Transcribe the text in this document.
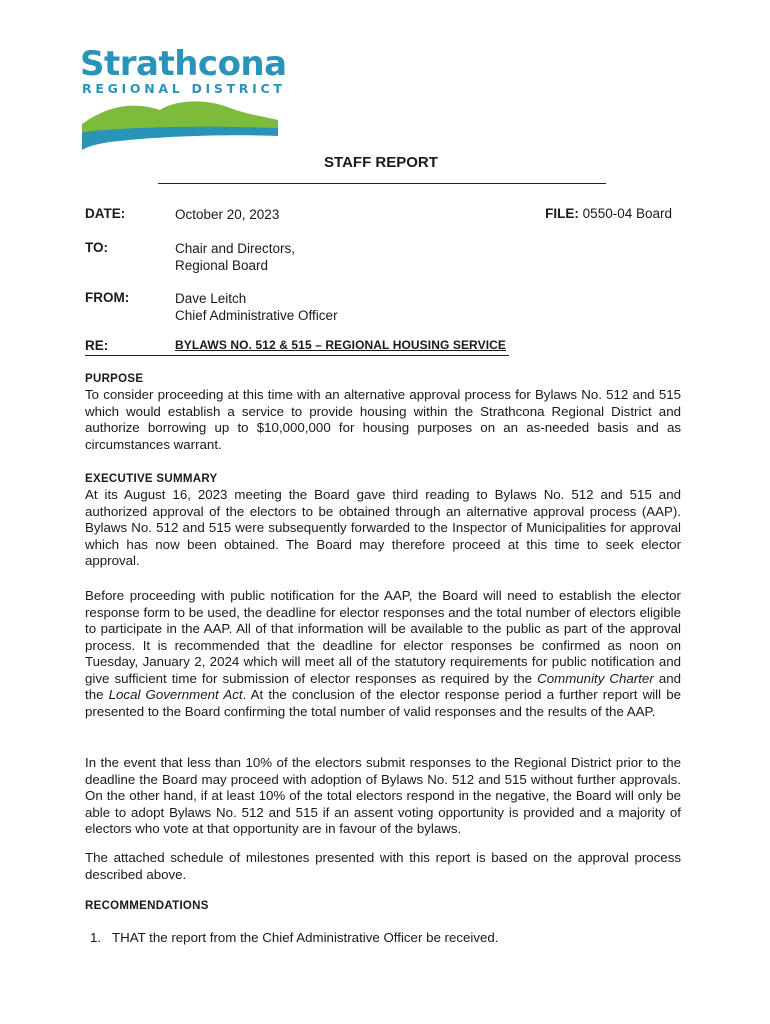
Strathcona
REGIONAL DISTRICT
STAFF REPORT
DATE:	October 20, 2023	FILE: 0550-04 Board
TO:	Chair and Directors,
Regional Board
FROM:	Dave Leitch
Chief Administrative Officer
RE:	BYLAWS NO. 512 & 515 – REGIONAL HOUSING SERVICE
PURPOSE
To consider proceeding at this time with an alternative approval process for Bylaws No. 512 and 515 which would establish a service to provide housing within the Strathcona Regional District and authorize borrowing up to $10,000,000 for housing purposes on an as-needed basis and as circumstances warrant.
EXECUTIVE SUMMARY
At its August 16, 2023 meeting the Board gave third reading to Bylaws No. 512 and 515 and authorized approval of the electors to be obtained through an alternative approval process (AAP). Bylaws No. 512 and 515 were subsequently forwarded to the Inspector of Municipalities for approval which has now been obtained. The Board may therefore proceed at this time to seek elector approval.
Before proceeding with public notification for the AAP, the Board will need to establish the elector response form to be used, the deadline for elector responses and the total number of electors eligible to participate in the AAP. All of that information will be available to the public as part of the approval process. It is recommended that the deadline for elector responses be confirmed as noon on Tuesday, January 2, 2024 which will meet all of the statutory requirements for public notification and give sufficient time for submission of elector responses as required by the Community Charter and the Local Government Act. At the conclusion of the elector response period a further report will be presented to the Board confirming the total number of valid responses and the results of the AAP.
In the event that less than 10% of the electors submit responses to the Regional District prior to the deadline the Board may proceed with adoption of Bylaws No. 512 and 515 without further approvals. On the other hand, if at least 10% of the total electors respond in the negative, the Board will only be able to adopt Bylaws No. 512 and 515 if an assent voting opportunity is provided and a majority of electors who vote at that opportunity are in favour of the bylaws.
The attached schedule of milestones presented with this report is based on the approval process described above.
RECOMMENDATIONS
1. THAT the report from the Chief Administrative Officer be received.
